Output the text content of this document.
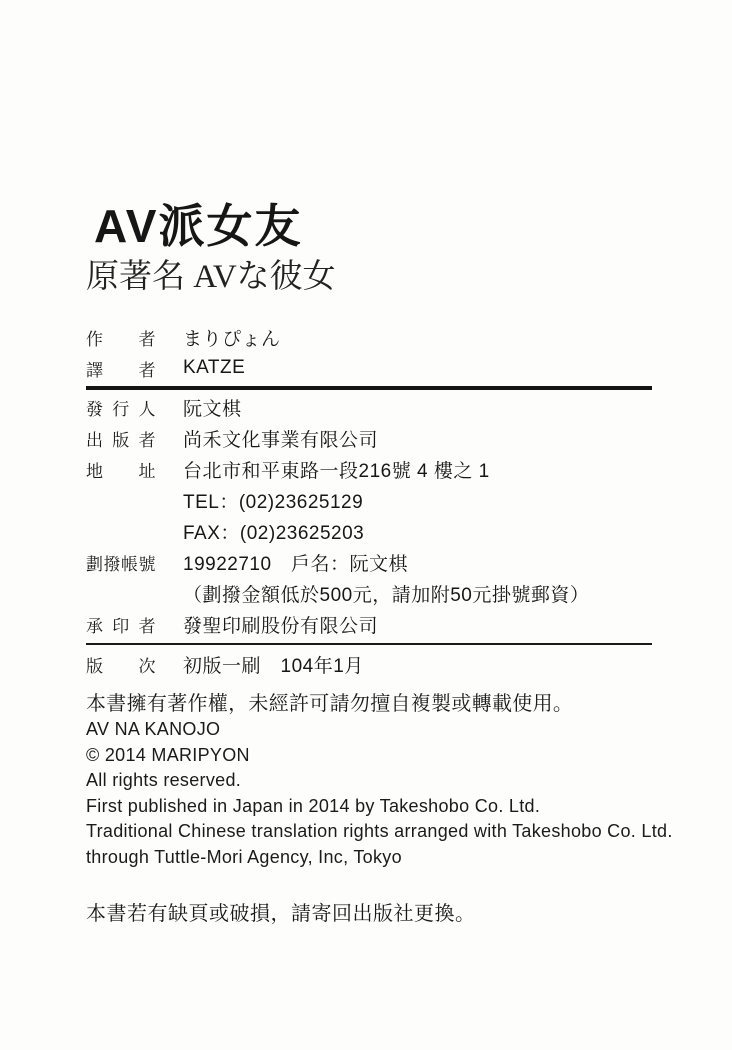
AV派女友
原著名 AVな彼女
作者 まりぴょん
譯者 KATZE
發行人 阮文棋
出版者 尚禾文化事業有限公司
地址 台北市和平東路一段216號 4 樓之 1
TEL：(02)23625129
FAX：(02)23625203
劃撥帳號 19922710　戶名：阮文棋
（劃撥金額低於500元，請加附50元掛號郵資）
承印者 發聖印刷股份有限公司
版次 初版一刷　104年1月
本書擁有著作權，未經許可請勿擅自複製或轉載使用。
AV NA KANOJO
© 2014 MARIPYON
All rights reserved.
First published in Japan in 2014 by Takeshobo Co. Ltd.
Traditional Chinese translation rights arranged with Takeshobo Co. Ltd.
through Tuttle-Mori Agency, Inc, Tokyo
本書若有缺頁或破損，請寄回出版社更換。
